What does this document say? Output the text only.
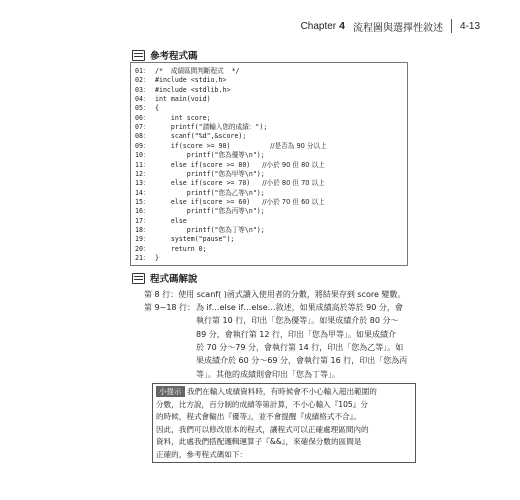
Chapter 4 流程圖與選擇性敘述 4-13
參考程式碼
01： /*  成績區間判斷程式  */
02： #include <stdio.h>
03： #include <stdlib.h>
04： int main(void)
05： {
06：    int score;
07：    printf("請輸入您的成績：");
08：    scanf("%d",&score);
09：    if(score >= 90)          //是否為 90 分以上
10：        printf("您為優等\n");
11：    else if(score >= 80)   //小於 90 但 80 以上
12：        printf("您為甲等\n");
13：    else if(score >= 70)   //小於 80 但 70 以上
14：        printf("您為乙等\n");
15：    else if(score >= 60)   //小於 70 但 60 以上
16：        printf("您為丙等\n");
17：    else
18：        printf("您為丁等\n");
19：    system("pause");
20：    return 0;
21： }
程式碼解說
第 8 行：使用 scanf( )函式讀入使用者的分數，將結果存到 score 變數。
第 9~18 行： 為 if…else if…else…敘述，如果成績高於等於 90 分，會
執行第 10 行，印出「您為優等」。如果成績介於 80 分～
89 分，會執行第 12 行，印出「您為甲等」。如果成績介
於 70 分～79 分，會執行第 14 行，印出「您為乙等」。如
果成績介於 60 分～69 分，會執行第 16 行，印出「您為丙
等」。其他的成績則會印出「您為丁等」。
小提示 我們在輸入成績資料時，有時候會不小心輸入超出範圍的
分數，比方說，百分制的成績等第計算，不小心輸入『105』分
的時候，程式會輸出『優等』，並不會提醒『成績格式不合』。
因此，我們可以修改原本的程式，讓程式可以正確處理區間內的
資料，此處我們搭配邏輯運算子『&&』，來確保分數的區間是
正確的，參考程式碼如下：
